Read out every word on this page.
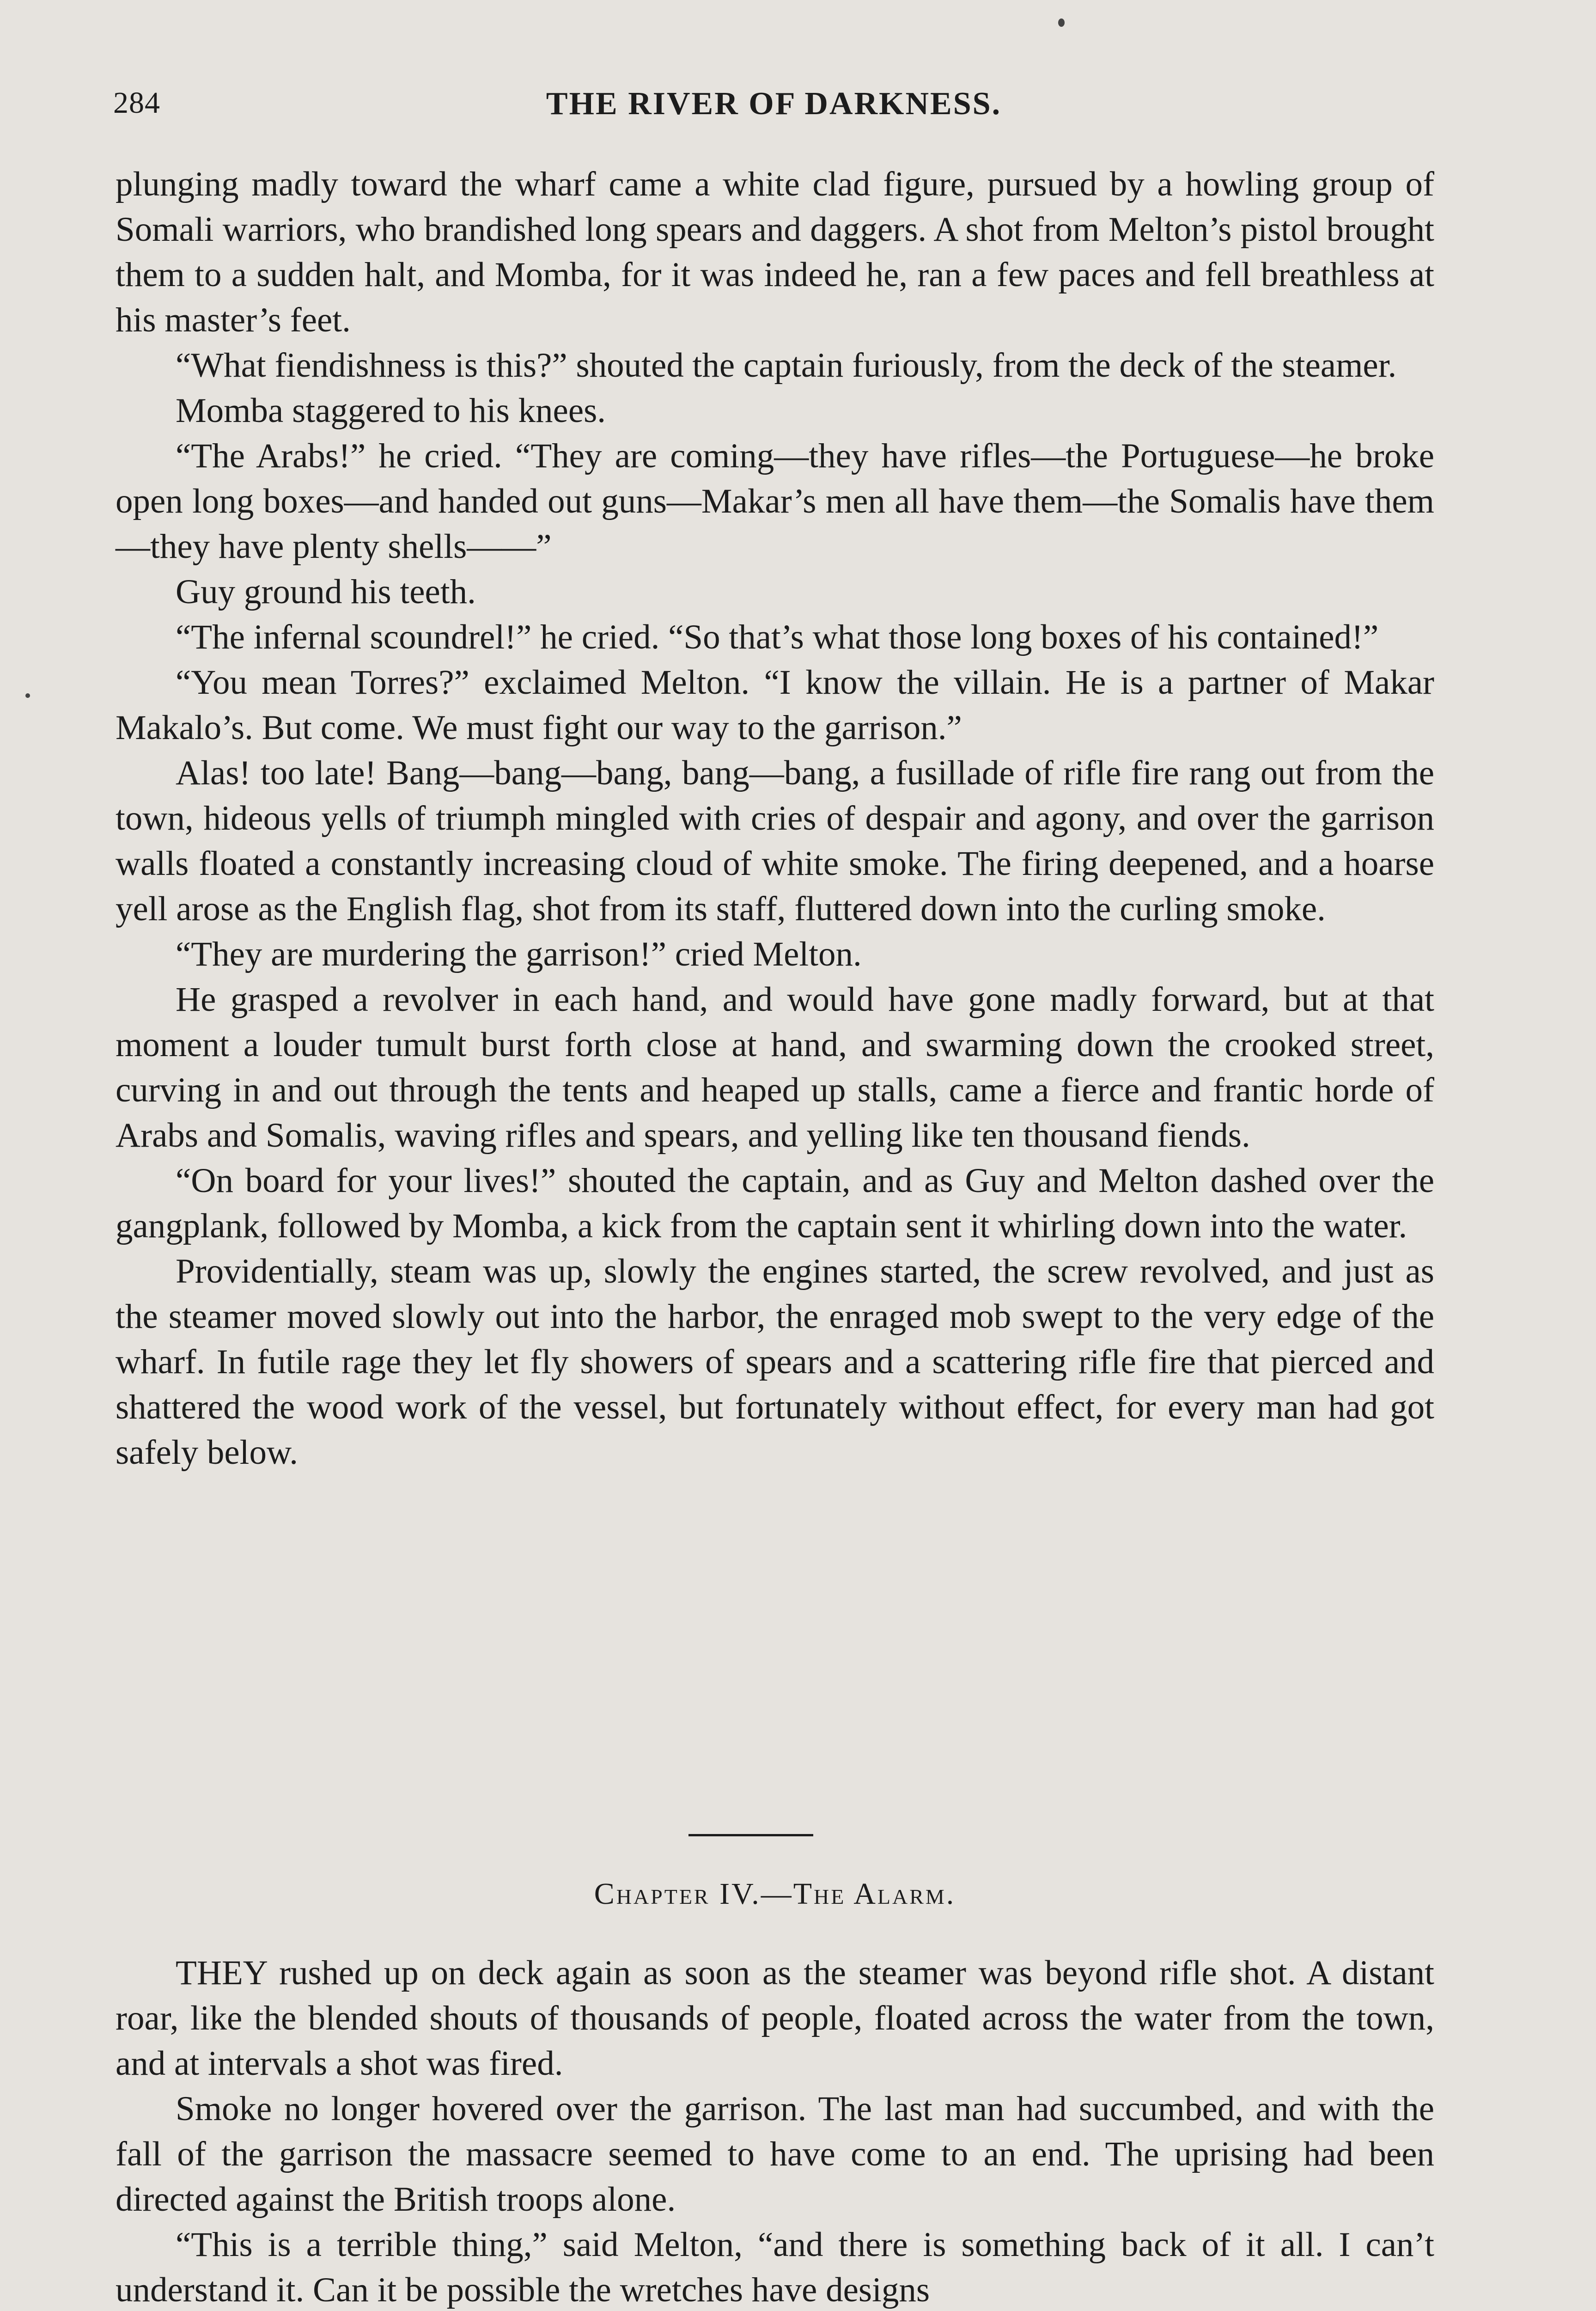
284	THE RIVER OF DARKNESS.

plunging madly toward the wharf came a white clad figure, pursued by a howling group of Somali warriors, who brandished long spears and daggers. A shot from Melton’s pistol brought them to a sudden halt, and Momba, for it was indeed he, ran a few paces and fell breathless at his master’s feet.

“What fiendishness is this?” shouted the captain furiously, from the deck of the steamer.

Momba staggered to his knees.

“The Arabs!” he cried. “They are coming—they have rifles—the Portuguese—he broke open long boxes—and handed out guns—Makar’s men all have them—the Somalis have them—they have plenty shells——”

Guy ground his teeth.

“The infernal scoundrel!” he cried. “So that’s what those long boxes of his contained!”

“You mean Torres?” exclaimed Melton. “I know the villain. He is a partner of Makar Makalo’s. But come. We must fight our way to the garrison.”

Alas! too late! Bang—bang—bang, bang—bang, a fusillade of rifle fire rang out from the town, hideous yells of triumph mingled with cries of despair and agony, and over the garrison walls floated a constantly increasing cloud of white smoke. The firing deepened, and a hoarse yell arose as the English flag, shot from its staff, fluttered down into the curling smoke.

“They are murdering the garrison!” cried Melton.

He grasped a revolver in each hand, and would have gone madly forward, but at that moment a louder tumult burst forth close at hand, and swarming down the crooked street, curving in and out through the tents and heaped up stalls, came a fierce and frantic horde of Arabs and Somalis, waving rifles and spears, and yelling like ten thousand fiends.

“On board for your lives!” shouted the captain, and as Guy and Melton dashed over the gangplank, followed by Momba, a kick from the captain sent it whirling down into the water.

Providentially, steam was up, slowly the engines started, the screw revolved, and just as the steamer moved slowly out into the harbor, the enraged mob swept to the very edge of the wharf. In futile rage they let fly showers of spears and a scattering rifle fire that pierced and shattered the wood work of the vessel, but fortunately without effect, for every man had got safely below.

Chapter IV.—The Alarm.

THEY rushed up on deck again as soon as the steamer was beyond rifle shot. A distant roar, like the blended shouts of thousands of people, floated across the water from the town, and at intervals a shot was fired.

Smoke no longer hovered over the garrison. The last man had succumbed, and with the fall of the garrison the massacre seemed to have come to an end. The uprising had been directed against the British troops alone.

“This is a terrible thing,” said Melton, “and there is something back of it all. I can’t understand it. Can it be possible the wretches have designs
